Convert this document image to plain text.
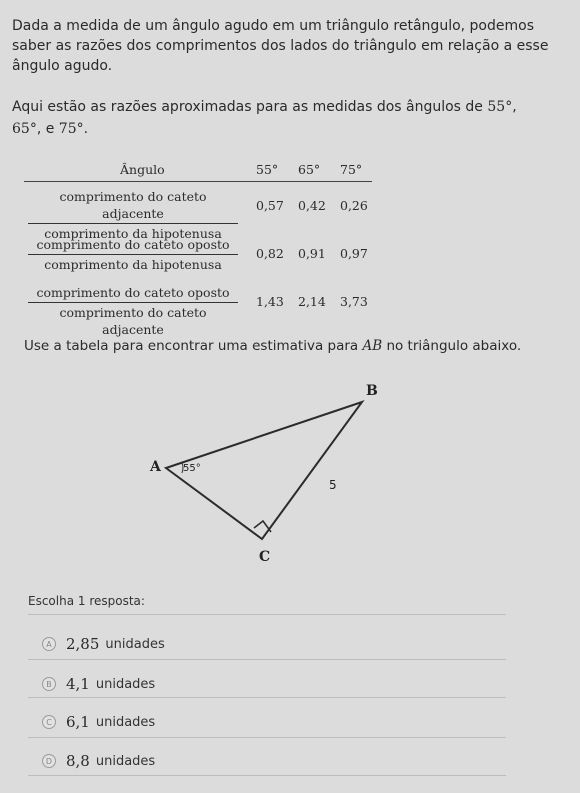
Dada a medida de um ângulo agudo em um triângulo retângulo, podemos
saber as razões dos comprimentos dos lados do triângulo em relação a esse
ângulo agudo.
Aqui estão as razões aproximadas para as medidas dos ângulos de 55°,
65°, e 75°.
Ângulo	55° 65° 75°
comprimento do cateto adjacente
comprimento da hipotenusa
0,57 0,42 0,26
comprimento do cateto oposto
comprimento da hipotenusa
0,82 0,91 0,97
comprimento do cateto oposto
comprimento do cateto adjacente
1,43 2,14 3,73
Use a tabela para encontrar uma estimativa para AB no triângulo abaixo.
A
B
C
55°
5
Escolha 1 resposta:
A 2,85 unidades
B 4,1 unidades
C 6,1 unidades
D 8,8 unidades
